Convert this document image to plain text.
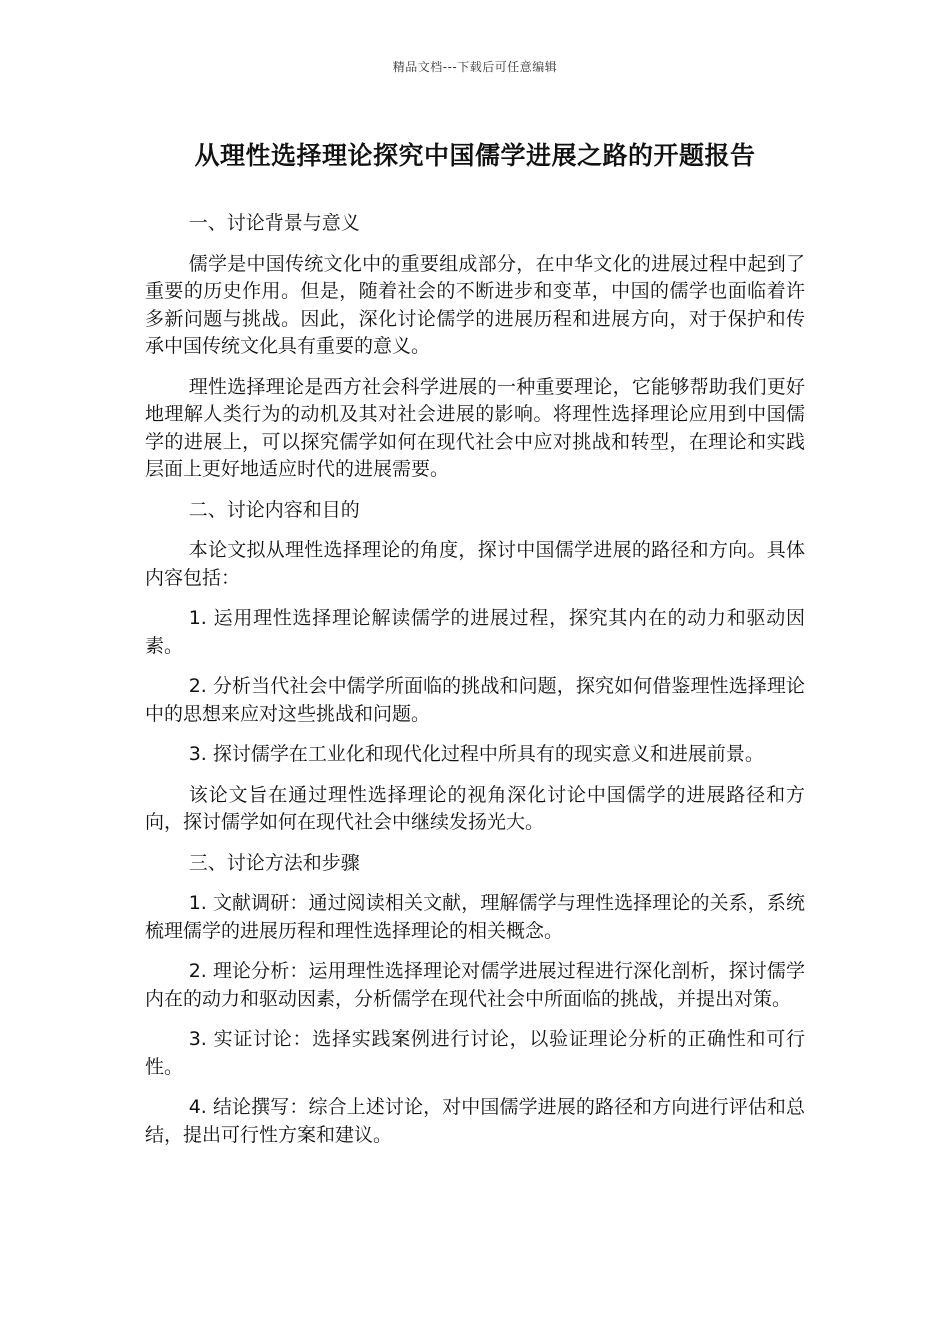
精品文档---下载后可任意编辑
从理性选择理论探究中国儒学进展之路的开题报告

一、讨论背景与意义

儒学是中国传统文化中的重要组成部分，在中华文化的进展过程中起到了重要的历史作用。但是，随着社会的不断进步和变革，中国的儒学也面临着许多新问题与挑战。因此，深化讨论儒学的进展历程和进展方向，对于保护和传承中国传统文化具有重要的意义。

理性选择理论是西方社会科学进展的一种重要理论，它能够帮助我们更好地理解人类行为的动机及其对社会进展的影响。将理性选择理论应用到中国儒学的进展上，可以探究儒学如何在现代社会中应对挑战和转型，在理论和实践层面上更好地适应时代的进展需要。

二、讨论内容和目的

本论文拟从理性选择理论的角度，探讨中国儒学进展的路径和方向。具体内容包括：

1. 运用理性选择理论解读儒学的进展过程，探究其内在的动力和驱动因素。

2. 分析当代社会中儒学所面临的挑战和问题，探究如何借鉴理性选择理论中的思想来应对这些挑战和问题。

3. 探讨儒学在工业化和现代化过程中所具有的现实意义和进展前景。

该论文旨在通过理性选择理论的视角深化讨论中国儒学的进展路径和方向，探讨儒学如何在现代社会中继续发扬光大。

三、讨论方法和步骤

1. 文献调研：通过阅读相关文献，理解儒学与理性选择理论的关系，系统梳理儒学的进展历程和理性选择理论的相关概念。

2. 理论分析：运用理性选择理论对儒学进展过程进行深化剖析，探讨儒学内在的动力和驱动因素，分析儒学在现代社会中所面临的挑战，并提出对策。

3. 实证讨论：选择实践案例进行讨论，以验证理论分析的正确性和可行性。

4. 结论撰写：综合上述讨论，对中国儒学进展的路径和方向进行评估和总结，提出可行性方案和建议。
